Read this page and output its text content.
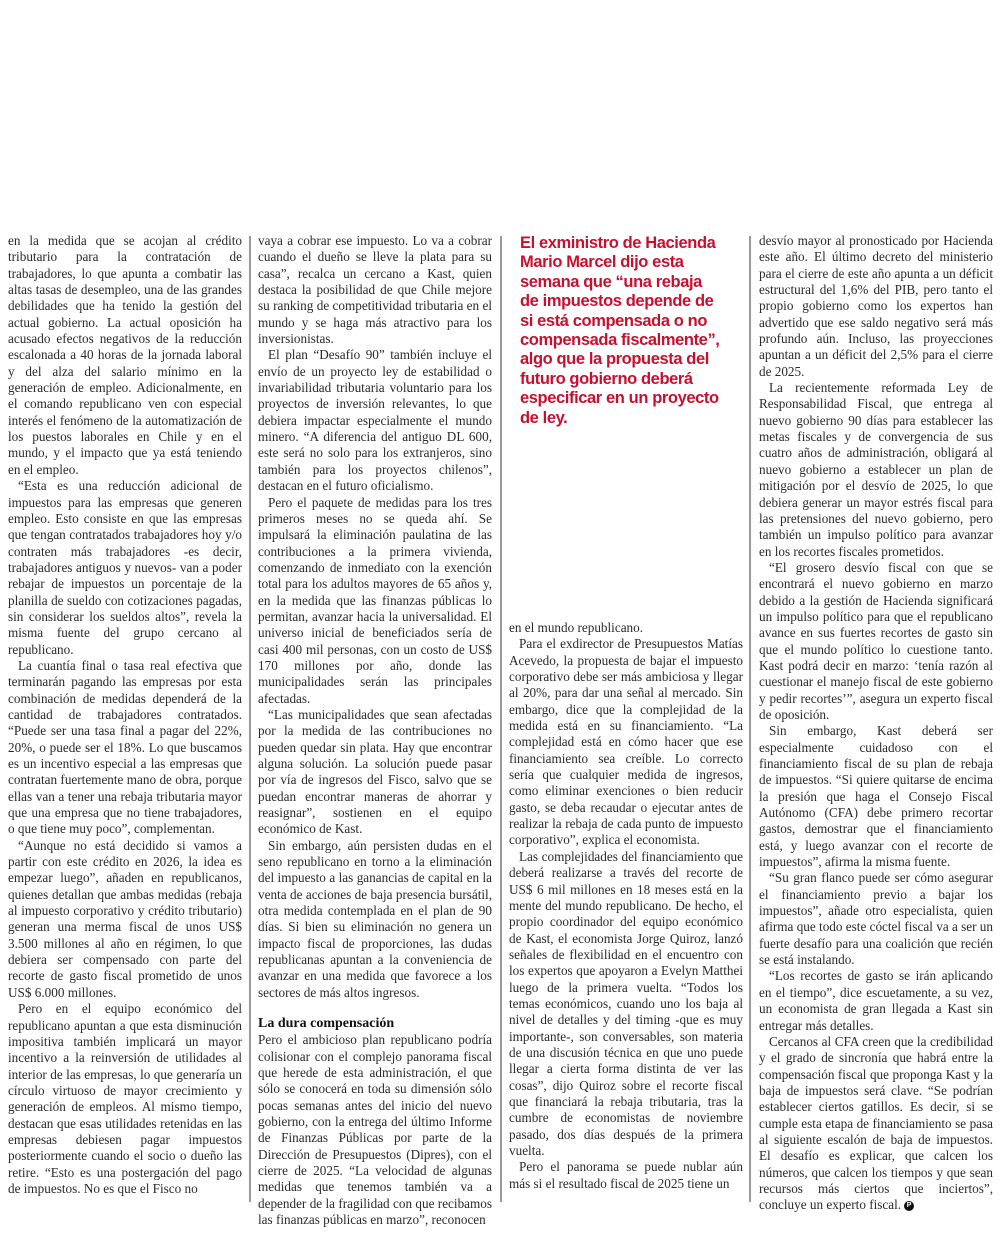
en la medida que se acojan al crédito tributario para la contratación de trabajadores, lo que apunta a combatir las altas tasas de desempleo, una de las grandes debilidades que ha tenido la gestión del actual gobierno. La actual oposición ha acusado efectos negativos de la reducción escalonada a 40 horas de la jornada laboral y del alza del salario mínimo en la generación de empleo. Adicionalmente, en el comando republicano ven con especial interés el fenómeno de la automatización de los puestos laborales en Chile y en el mundo, y el impacto que ya está teniendo en el empleo.

“Esta es una reducción adicional de impuestos para las empresas que generen empleo. Esto consiste en que las empresas que tengan contratados trabajadores hoy y/o contraten más trabajadores -es decir, trabajadores antiguos y nuevos- van a poder rebajar de impuestos un porcentaje de la planilla de sueldo con cotizaciones pagadas, sin considerar los sueldos altos”, revela la misma fuente del grupo cercano al republicano.

La cuantía final o tasa real efectiva que terminarán pagando las empresas por esta combinación de medidas dependerá de la cantidad de trabajadores contratados. “Puede ser una tasa final a pagar del 22%, 20%, o puede ser el 18%. Lo que buscamos es un incentivo especial a las empresas que contratan fuertemente mano de obra, porque ellas van a tener una rebaja tributaria mayor que una empresa que no tiene trabajadores, o que tiene muy poco”, complementan.

“Aunque no está decidido si vamos a partir con este crédito en 2026, la idea es empezar luego”, añaden en republicanos, quienes detallan que ambas medidas (rebaja al impuesto corporativo y crédito tributario) generan una merma fiscal de unos US$ 3.500 millones al año en régimen, lo que debiera ser compensado con parte del recorte de gasto fiscal prometido de unos US$ 6.000 millones.

Pero en el equipo económico del republicano apuntan a que esta disminución impositiva también implicará un mayor incentivo a la reinversión de utilidades al interior de las empresas, lo que generaría un círculo virtuoso de mayor crecimiento y generación de empleos. Al mismo tiempo, destacan que esas utilidades retenidas en las empresas debiesen pagar impuestos posteriormente cuando el socio o dueño las retire. “Esto es una postergación del pago de impuestos. No es que el Fisco no

vaya a cobrar ese impuesto. Lo va a cobrar cuando el dueño se lleve la plata para su casa”, recalca un cercano a Kast, quien destaca la posibilidad de que Chile mejore su ranking de competitividad tributaria en el mundo y se haga más atractivo para los inversionistas.

El plan “Desafío 90” también incluye el envío de un proyecto ley de estabilidad o invariabilidad tributaria voluntario para los proyectos de inversión relevantes, lo que debiera impactar especialmente el mundo minero. “A diferencia del antiguo DL 600, este será no solo para los extranjeros, sino también para los proyectos chilenos”, destacan en el futuro oficialismo.

Pero el paquete de medidas para los tres primeros meses no se queda ahí. Se impulsará la eliminación paulatina de las contribuciones a la primera vivienda, comenzando de inmediato con la exención total para los adultos mayores de 65 años y, en la medida que las finanzas públicas lo permitan, avanzar hacia la universalidad. El universo inicial de beneficiados sería de casi 400 mil personas, con un costo de US$ 170 millones por año, donde las municipalidades serán las principales afectadas.

“Las municipalidades que sean afectadas por la medida de las contribuciones no pueden quedar sin plata. Hay que encontrar alguna solución. La solución puede pasar por vía de ingresos del Fisco, salvo que se puedan encontrar maneras de ahorrar y reasignar”, sostienen en el equipo económico de Kast.

Sin embargo, aún persisten dudas en el seno republicano en torno a la eliminación del impuesto a las ganancias de capital en la venta de acciones de baja presencia bursátil, otra medida contemplada en el plan de 90 días. Si bien su eliminación no genera un impacto fiscal de proporciones, las dudas republicanas apuntan a la conveniencia de avanzar en una medida que favorece a los sectores de más altos ingresos.

La dura compensación

Pero el ambicioso plan republicano podría colisionar con el complejo panorama fiscal que herede de esta administración, el que sólo se conocerá en toda su dimensión sólo pocas semanas antes del inicio del nuevo gobierno, con la entrega del último Informe de Finanzas Públicas por parte de la Dirección de Presupuestos (Dipres), con el cierre de 2025. “La velocidad de algunas medidas que tenemos también va a depender de la fragilidad con que recibamos las finanzas públicas en marzo”, reconocen

El exministro de Hacienda Mario Marcel dijo esta semana que “una rebaja de impuestos depende de si está compensada o no compensada fiscalmente”, algo que la propuesta del futuro gobierno deberá especificar en un proyecto de ley.

en el mundo republicano.

Para el exdirector de Presupuestos Matías Acevedo, la propuesta de bajar el impuesto corporativo debe ser más ambiciosa y llegar al 20%, para dar una señal al mercado. Sin embargo, dice que la complejidad de la medida está en su financiamiento. “La complejidad está en cómo hacer que ese financiamiento sea creíble. Lo correcto sería que cualquier medida de ingresos, como eliminar exenciones o bien reducir gasto, se deba recaudar o ejecutar antes de realizar la rebaja de cada punto de impuesto corporativo”, explica el economista.

Las complejidades del financiamiento que deberá realizarse a través del recorte de US$ 6 mil millones en 18 meses está en la mente del mundo republicano. De hecho, el propio coordinador del equipo económico de Kast, el economista Jorge Quiroz, lanzó señales de flexibilidad en el encuentro con los expertos que apoyaron a Evelyn Matthei luego de la primera vuelta. “Todos los temas económicos, cuando uno los baja al nivel de detalles y del timing -que es muy importante-, son conversables, son materia de una discusión técnica en que uno puede llegar a cierta forma distinta de ver las cosas”, dijo Quiroz sobre el recorte fiscal que financiará la rebaja tributaria, tras la cumbre de economistas de noviembre pasado, dos días después de la primera vuelta.

Pero el panorama se puede nublar aún más si el resultado fiscal de 2025 tiene un

desvío mayor al pronosticado por Hacienda este año. El último decreto del ministerio para el cierre de este año apunta a un déficit estructural del 1,6% del PIB, pero tanto el propio gobierno como los expertos han advertido que ese saldo negativo será más profundo aún. Incluso, las proyecciones apuntan a un déficit del 2,5% para el cierre de 2025.

La recientemente reformada Ley de Responsabilidad Fiscal, que entrega al nuevo gobierno 90 días para establecer las metas fiscales y de convergencia de sus cuatro años de administración, obligará al nuevo gobierno a establecer un plan de mitigación por el desvío de 2025, lo que debiera generar un mayor estrés fiscal para las pretensiones del nuevo gobierno, pero también un impulso político para avanzar en los recortes fiscales prometidos.

“El grosero desvío fiscal con que se encontrará el nuevo gobierno en marzo debido a la gestión de Hacienda significará un impulso político para que el republicano avance en sus fuertes recortes de gasto sin que el mundo político lo cuestione tanto. Kast podrá decir en marzo: ‘tenía razón al cuestionar el manejo fiscal de este gobierno y pedir recortes’”, asegura un experto fiscal de oposición.

Sin embargo, Kast deberá ser especialmente cuidadoso con el financiamiento fiscal de su plan de rebaja de impuestos. “Si quiere quitarse de encima la presión que haga el Consejo Fiscal Autónomo (CFA) debe primero recortar gastos, demostrar que el financiamiento está, y luego avanzar con el recorte de impuestos”, afirma la misma fuente.

“Su gran flanco puede ser cómo asegurar el financiamiento previo a bajar los impuestos”, añade otro especialista, quien afirma que todo este cóctel fiscal va a ser un fuerte desafío para una coalición que recién se está instalando.

“Los recortes de gasto se irán aplicando en el tiempo”, dice escuetamente, a su vez, un economista de gran llegada a Kast sin entregar más detalles.

Cercanos al CFA creen que la credibilidad y el grado de sincronía que habrá entre la compensación fiscal que proponga Kast y la baja de impuestos será clave. “Se podrían establecer ciertos gatillos. Es decir, si se cumple esta etapa de financiamiento se pasa al siguiente escalón de baja de impuestos. El desafío es explicar, que calcen los números, que calcen los tiempos y que sean recursos más ciertos que inciertos”, concluye un experto fiscal. P
